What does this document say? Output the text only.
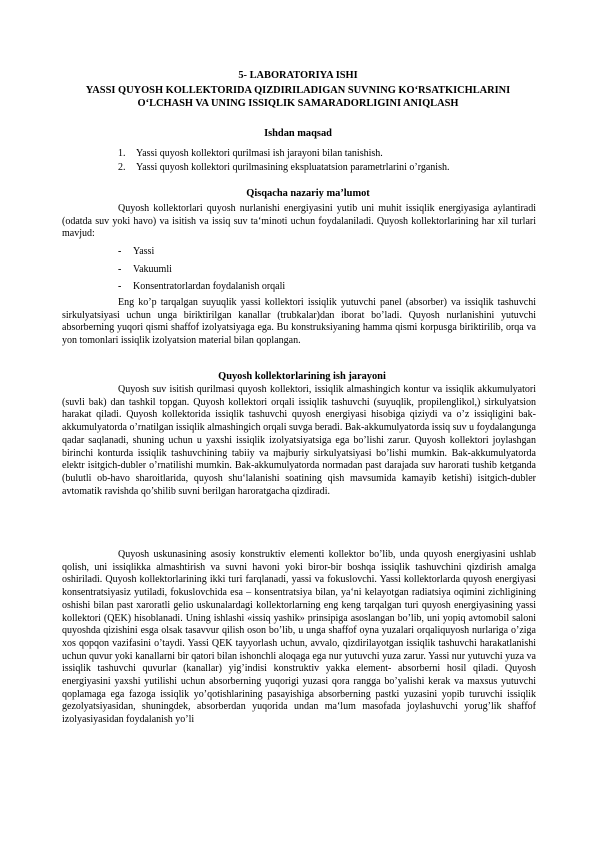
5- LABORATORIYA ISHI
YASSI QUYOSH KOLLEKTORIDA QIZDIRILADIGAN SUVNING KO‘RSATKICHLARINI O‘LCHASH VA UNING ISSIQLIK SAMARADORLIGINI ANIQLASH
Ishdan maqsad
1.	Yassi quyosh kollektori qurilmasi ish jarayoni bilan tanishish.
2.	Yassi quyosh kollektori qurilmasining ekspluatatsion parametrlarini o’rganish.
Qisqacha nazariy ma’lumot

Quyosh kollektorlari quyosh nurlanishi energiyasini yutib uni muhit issiqlik energiyasiga aylantiradi (odatda suv yoki havo) va isitish va issiq suv ta‘minoti uchun foydalaniladi. Quyosh kollektorlarining har xil turlari mavjud:

-	Yassi
-	Vakuumli
-	Konsentratorlardan foydalanish orqali

Eng ko’p tarqalgan suyuqlik yassi kollektori issiqlik yutuvchi panel (absorber) va issiqlik tashuvchi sirkulyatsiyasi uchun unga biriktirilgan kanallar (trubkalar)dan iborat bo’ladi. Quyosh nurlanishini yutuvchi absorberning yuqori qismi shaffof izolyatsiyaga ega. Bu konstruksiyaning hamma qismi korpusga biriktirilib, orqa va yon tomonlari issiqlik izolyatsion material bilan qoplangan.

Quyosh kollektorlarining ish jarayoni

Quyosh suv isitish qurilmasi quyosh kollektori, issiqlik almashingich kontur va issiqlik akkumulyatori (suvli bak) dan tashkil topgan. Quyosh kollektori orqali issiqlik tashuvchi (suyuqlik, propilenglikol,) sirkulyatsion harakat qiladi. Quyosh kollektorida issiqlik tashuvchi quyosh energiyasi hisobiga qiziydi va o’z issiqligini bak-akkumulyatorda o’rnatilgan issiqlik almashingich orqali suvga beradi. Bak-akkumulyatorda issiq suv u foydalangunga qadar saqlanadi, shuning uchun u yaxshi issiqlik izolyatsiyatsiga ega bo’lishi zarur. Quyosh kollektori joylashgan birinchi konturda issiqlik tashuvchining tabiiy va majburiy sirkulyatsiyasi bo’lishi mumkin. Bak-akkumulyatorda elektr isitgich-dubler o’rnatilishi mumkin. Bak-akkumulyatorda normadan past darajada suv harorati tushib ketganda (bulutli ob-havo sharoitlarida, quyosh shu‘lalanishi soatining qish mavsumida kamayib ketishi) isitgich-dubler avtomatik ravishda qo’shilib suvni berilgan haroratgacha qizdiradi.

Quyosh uskunasining asosiy konstruktiv elementi kollektor bo’lib, unda quyosh energiyasini ushlab qolish, uni issiqlikka almashtirish va suvni havoni yoki biror-bir boshqa issiqlik tashuvchini qizdirish amalga oshiriladi. Quyosh kollektorlarining ikki turi farqlanadi, yassi va fokuslovchi. Yassi kollektorlarda quyosh energiyasi konsentratsiyasiz yutiladi, fokuslovchida esa – konsentratsiya bilan, ya‘ni kelayotgan radiatsiya oqimini zichligining oshishi bilan past xaroratli gelio uskunalardagi kollektorlarning eng keng tarqalgan turi quyosh energiyasining yassi kollektori (QEK) hisoblanadi. Uning ishlashi «issiq yashik» prinsipiga asoslangan bo’lib, uni yopiq avtomobil saloni quyoshda qizishini esga olsak tasavvur qilish oson bo’lib, u unga shaffof oyna yuzalari orqaliquyosh nurlariga o’ziga xos qopqon vazifasini o’taydi. Yassi QEK tayyorlash uchun, avvalo, qizdirilayotgan issiqlik tashuvchi harakatlanishi uchun quvur yoki kanallarni bir qatori bilan ishonchli aloqaga ega nur yutuvchi yuza zarur. Yassi nur yutuvchi yuza va issiqlik tashuvchi quvurlar (kanallar) yig’indisi konstruktiv yakka element- absorberni hosil qiladi. Quyosh energiyasini yaxshi yutilishi uchun absorberning yuqorigi yuzasi qora rangga bo’yalishi kerak va maxsus yutuvchi qoplamaga ega fazoga issiqlik yo’qotishlarining pasayishiga absorberning pastki yuzasini yopib turuvchi issiqlik gezolyatsiyasidan, shuningdek, absorberdan yuqorida undan ma‘lum masofada joylashuvchi yorug’lik shaffof izolyasiyasidan foydalanish yo’li
